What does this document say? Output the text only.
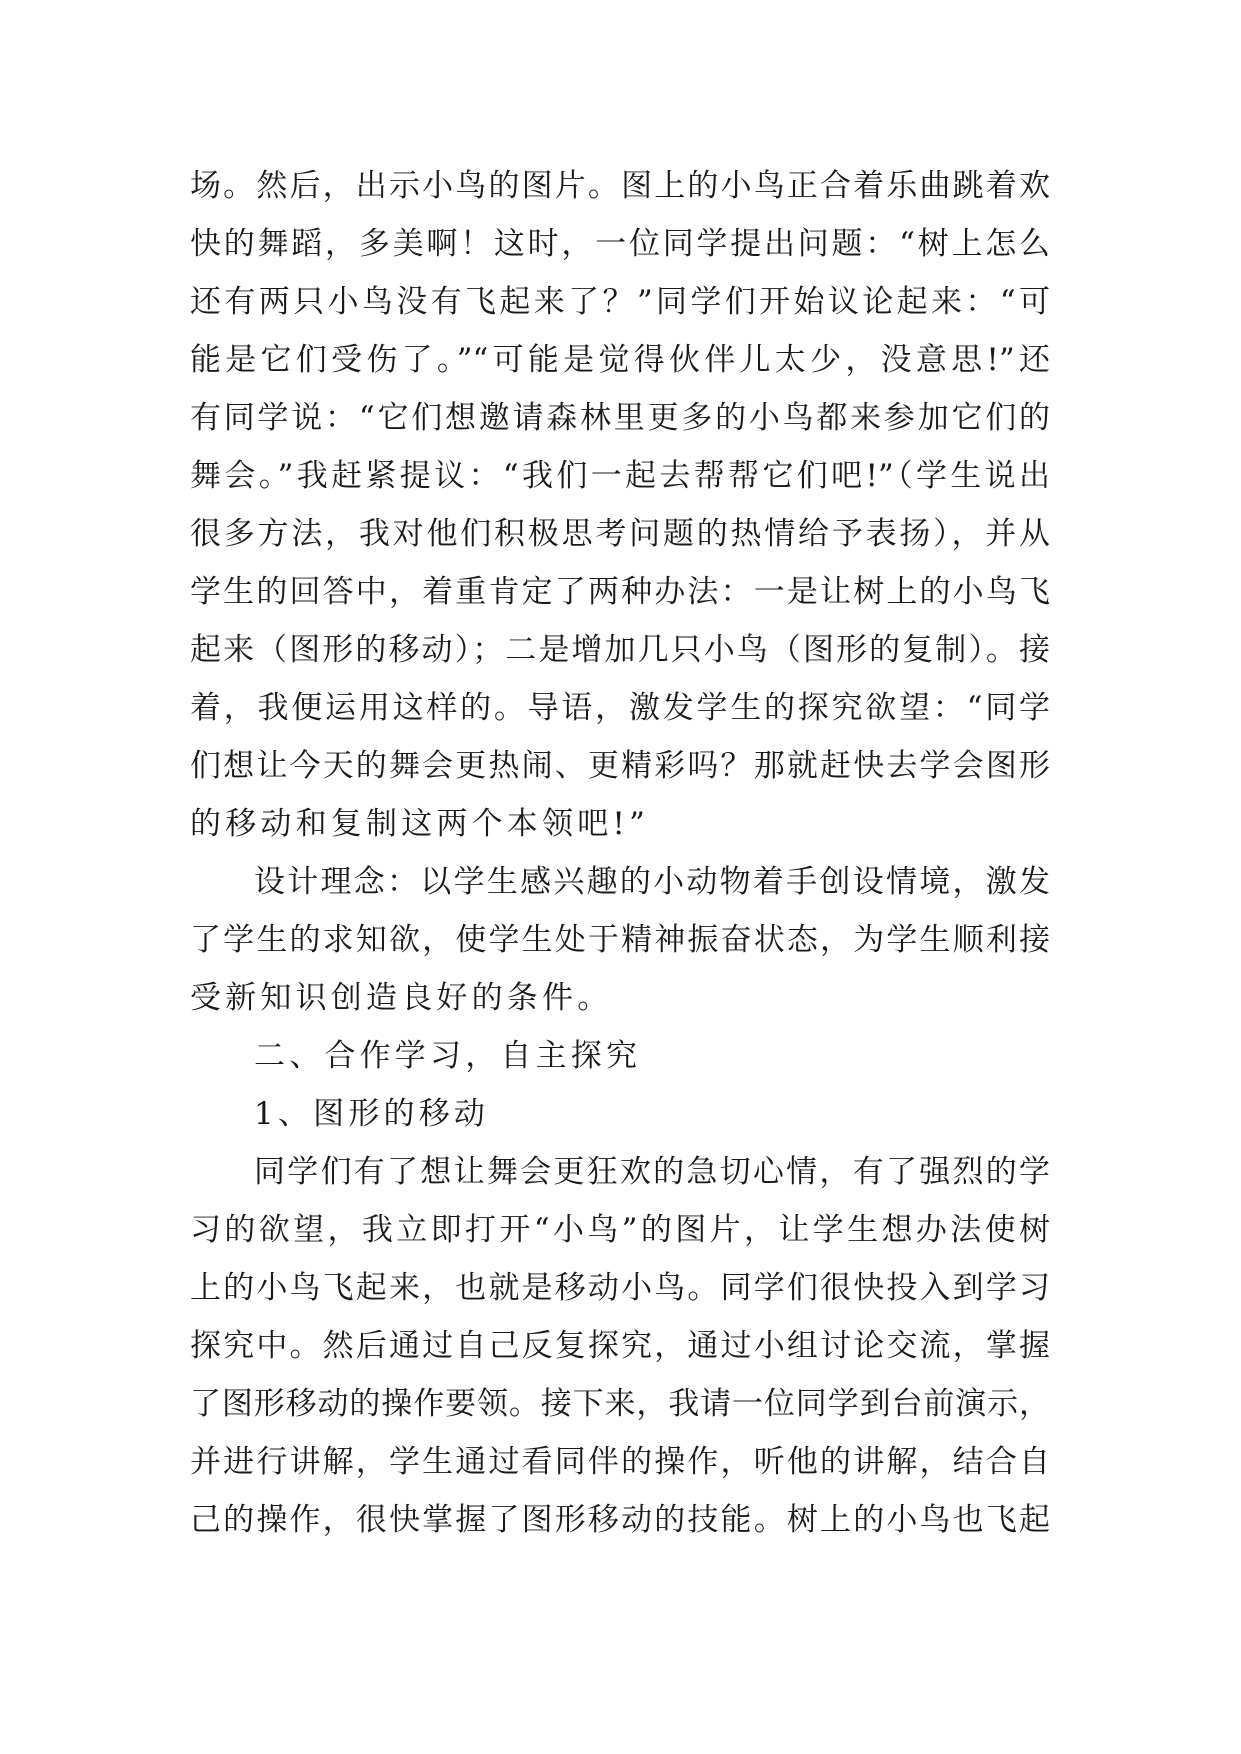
场。然后，出示小鸟的图片。图上的小鸟正合着乐曲跳着欢
快的舞蹈，多美啊！这时，一位同学提出问题：“树上怎么
还有两只小鸟没有飞起来了？”同学们开始议论起来：“可
能是它们受伤了。”“可能是觉得伙伴儿太少，没意思!”还
有同学说：“它们想邀请森林里更多的小鸟都来参加它们的
舞会。”我赶紧提议：“我们一起去帮帮它们吧!”（学生说出
很多方法，我对他们积极思考问题的热情给予表扬），并从
学生的回答中，着重肯定了两种办法：一是让树上的小鸟飞
起来（图形的移动）；二是增加几只小鸟（图形的复制）。接
着，我便运用这样的。导语，激发学生的探究欲望：“同学
们想让今天的舞会更热闹、更精彩吗？那就赶快去学会图形
的移动和复制这两个本领吧!”
设计理念：以学生感兴趣的小动物着手创设情境，激发
了学生的求知欲，使学生处于精神振奋状态，为学生顺利接
受新知识创造良好的条件。
二、合作学习，自主探究
1、图形的移动
同学们有了想让舞会更狂欢的急切心情，有了强烈的学
习的欲望，我立即打开“小鸟”的图片，让学生想办法使树
上的小鸟飞起来，也就是移动小鸟。同学们很快投入到学习
探究中。然后通过自己反复探究，通过小组讨论交流，掌握
了图形移动的操作要领。接下来，我请一位同学到台前演示，
并进行讲解，学生通过看同伴的操作，听他的讲解，结合自
己的操作，很快掌握了图形移动的技能。树上的小鸟也飞起
